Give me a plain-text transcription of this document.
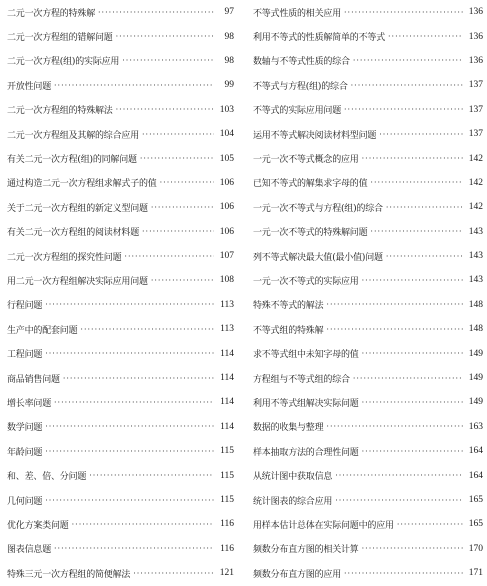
二元一次方程的特殊解 ·····	97
二元一次方程组的错解问题 ·····	98
二元一次方程(组)的实际应用 ·····	98
开放性问题 ·····	99
二元一次方程组的特殊解法 ·····	103
二元一次方程组及其解的综合应用 ·····	104
有关二元一次方程(组)的同解问题 ·····	105
通过构造二元一次方程组求解式子的值 ·····	106
关于二元一次方程组的新定义型问题 ·····	106
有关二元一次方程组的阅读材料题 ·····	106
二元一次方程组的探究性问题 ·····	107
用二元一次方程组解决实际应用问题 ·····	108
行程问题 ·····	113
生产中的配套问题 ·····	113
工程问题 ·····	114
商品销售问题 ·····	114
增长率问题 ·····	114
数学问题 ·····	114
年龄问题 ·····	115
和、差、倍、分问题 ·····	115
几何问题 ·····	115
优化方案类问题 ·····	116
图表信息题 ·····	116
特殊三元一次方程组的简便解法 ·····	121
不等式性质的相关应用 ·····	136
利用不等式的性质解简单的不等式 ·····	136
数轴与不等式性质的综合 ·····	136
不等式与方程(组)的综合 ·····	137
不等式的实际应用问题 ·····	137
运用不等式解决阅读材料型问题 ·····	137
一元一次不等式概念的应用 ·····	142
已知不等式的解集求字母的值 ·····	142
一元一次不等式与方程(组)的综合 ·····	142
一元一次不等式的特殊解问题 ·····	143
列不等式解决最大值(最小值)问题 ·····	143
一元一次不等式的实际应用 ·····	143
特殊不等式的解法 ·····	148
不等式组的特殊解 ·····	148
求不等式组中未知字母的值 ·····	149
方程组与不等式组的综合 ·····	149
利用不等式组解决实际问题 ·····	149
数据的收集与整理 ·····	163
样本抽取方法的合理性问题 ·····	164
从统计图中获取信息 ·····	164
统计图表的综合应用 ·····	165
用样本估计总体在实际问题中的应用 ·····	165
频数分布直方图的相关计算 ·····	170
频数分布直方图的应用 ·····	171
